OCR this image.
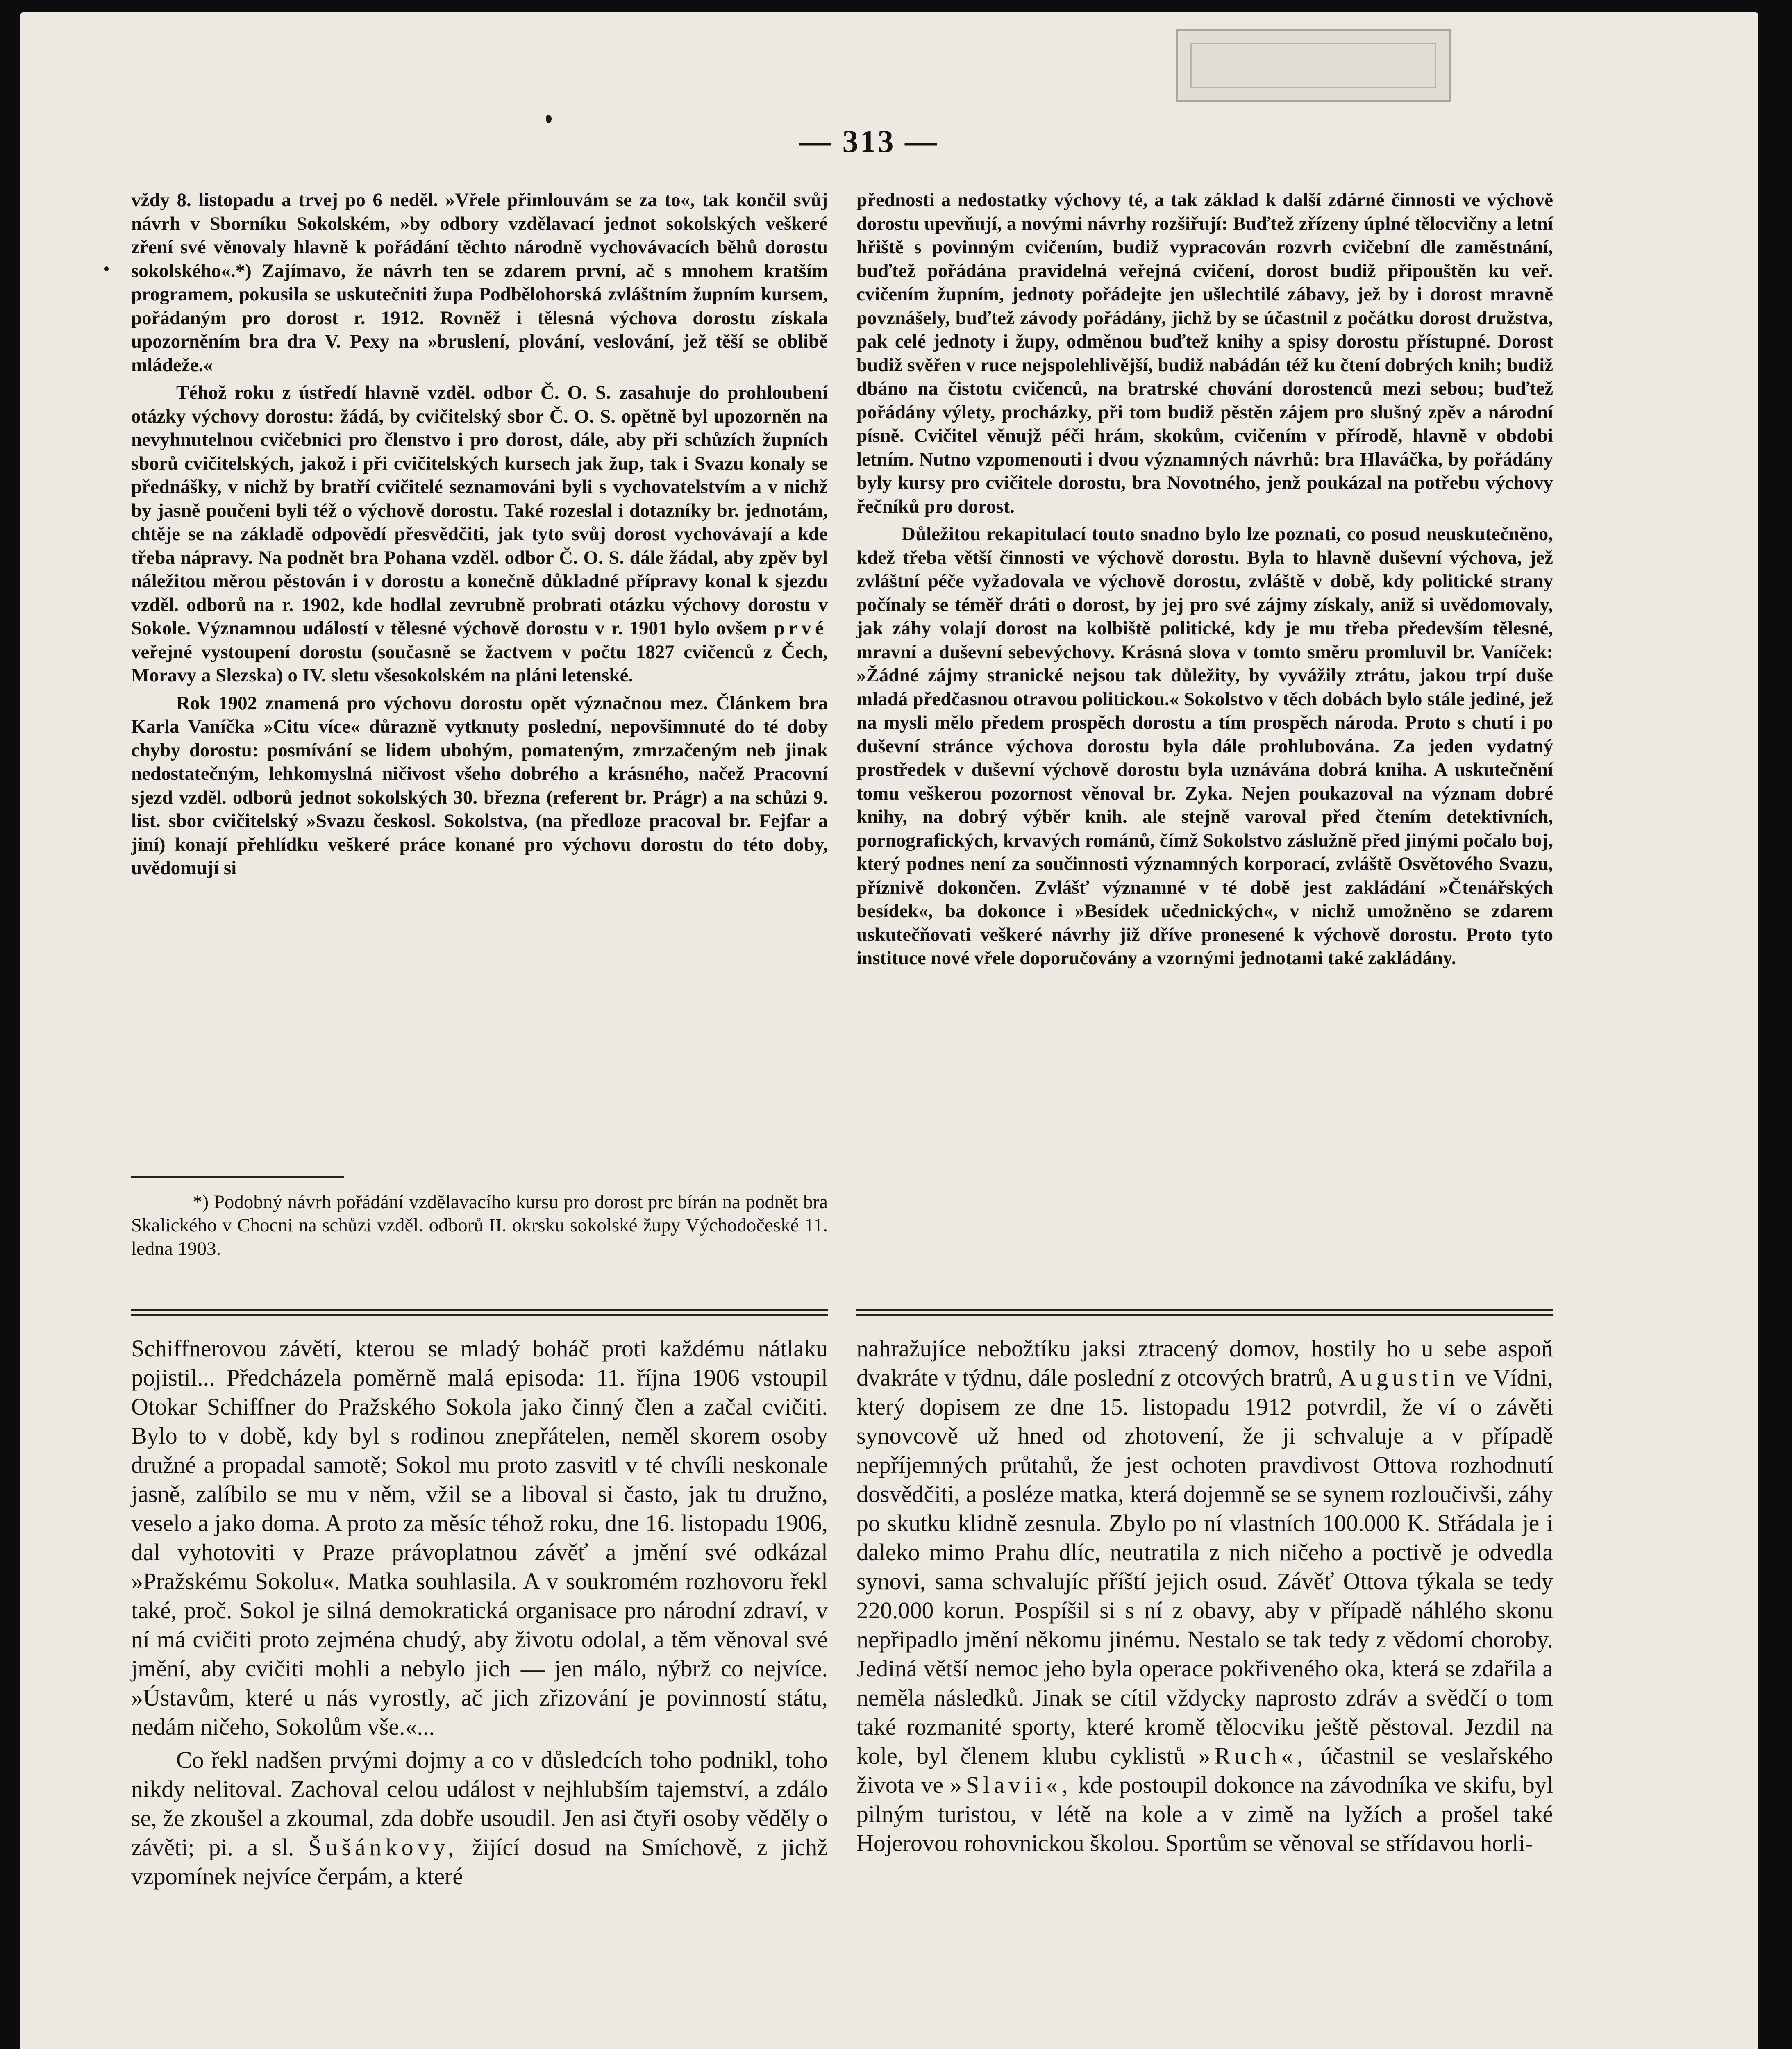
— 313 —

vždy 8. listopadu a trvej po 6 neděl. »Vřele přimlouvám se za to«, tak končil svůj návrh v Sborníku Sokolském, »by odbory vzdělavací jednot sokolských veškeré zření své věnovaly hlavně k pořádání těchto národně vychovávacích běhů dorostu sokolského«.*) Zajímavo, že návrh ten se zdarem první, ač s mnohem kratším programem, pokusila se uskutečniti župa Podbělohorská zvláštním župním kursem, pořádaným pro dorost r. 1912. Rovněž i tělesná výchova dorostu získala upozorněním bra dra V. Pexy na »bruslení, plování, veslování, jež těší se oblibě mládeže.«

Téhož roku z ústředí hlavně vzděl. odbor Č. O. S. zasahuje do prohloubení otázky výchovy dorostu: žádá, by cvičitelský sbor Č. O. S. opětně byl upozorněn na nevyhnutelnou cvičebnici pro členstvo i pro dorost, dále, aby při schůzích župních sborů cvičitelských, jakož i při cvičitelských kursech jak žup, tak i Svazu konaly se přednášky, v nichž by bratří cvičitelé seznamováni byli s vychovatelstvím a v nichž by jasně poučeni byli též o výchově dorostu. Také rozeslal i dotazníky br. jednotám, chtěje se na základě odpovědí přesvědčiti, jak tyto svůj dorost vychovávají a kde třeba nápravy. Na podnět bra Pohana vzděl. odbor Č. O. S. dále žádal, aby zpěv byl náležitou měrou pěstován i v dorostu a konečně důkladné přípravy konal k sjezdu vzděl. odborů na r. 1902, kde hodlal zevrubně probrati otázku výchovy dorostu v Sokole. Významnou událostí v tělesné výchově dorostu v r. 1901 bylo ovšem prvé veřejné vystoupení dorostu (současně se žactvem v počtu 1827 cvičenců z Čech, Moravy a Slezska) o IV. sletu všesokolském na pláni letenské.

Rok 1902 znamená pro výchovu dorostu opět význačnou mez. Článkem bra Karla Vaníčka »Citu více« důrazně vytknuty poslední, nepovšimnuté do té doby chyby dorostu: posmívání se lidem ubohým, pomateným, zmrzačeným neb jinak nedostatečným, lehkomyslná ničivost všeho dobrého a krásného, načež Pracovní sjezd vzděl. odborů jednot sokolských 30. března (referent br. Prágr) a na schůzi 9. list. sbor cvičitelský »Svazu českosl. Sokolstva, (na předloze pracoval br. Fejfar a jiní) konají přehlídku veškeré práce konané pro výchovu dorostu do této doby, uvědomují si

*) Podobný návrh pořádání vzdělavacího kursu pro dorost prc bírán na podnět bra Skalického v Chocni na schůzi vzděl. odborů II. okrsku sokolské župy Východočeské 11. ledna 1903.

přednosti a nedostatky výchovy té, a tak základ k další zdárné činnosti ve výchově dorostu upevňují, a novými návrhy rozšiřují: Buďtež zřízeny úplné tělocvičny a letní hřiště s povinným cvičením, budiž vypracován rozvrh cvičební dle zaměstnání, buďtež pořádána pravidelná veřejná cvičení, dorost budiž připouštěn ku veř. cvičením župním, jednoty pořádejte jen ušlechtilé zábavy, jež by i dorost mravně povznášely, buďtež závody pořádány, jichž by se účastnil z počátku dorost družstva, pak celé jednoty i župy, odměnou buďtež knihy a spisy dorostu přístupné. Dorost budiž svěřen v ruce nejspolehlivější, budiž nabádán též ku čtení dobrých knih; budiž dbáno na čistotu cvičenců, na bratrské chování dorostenců mezi sebou; buďtež pořádány výlety, procházky, při tom budiž pěstěn zájem pro slušný zpěv a národní písně. Cvičitel věnujž péči hrám, skokům, cvičením v přírodě, hlavně v obdobi letním. Nutno vzpomenouti i dvou významných návrhů: bra Hlaváčka, by pořádány byly kursy pro cvičitele dorostu, bra Novotného, jenž poukázal na potřebu výchovy řečníků pro dorost.

Důležitou rekapitulací touto snadno bylo lze poznati, co posud neuskutečněno, kdež třeba větší činnosti ve výchově dorostu. Byla to hlavně duševní výchova, jež zvláštní péče vyžadovala ve výchově dorostu, zvláště v době, kdy politické strany počínaly se téměř dráti o dorost, by jej pro své zájmy získaly, aniž si uvědomovaly, jak záhy volají dorost na kolbiště politické, kdy je mu třeba především tělesné, mravní a duševní sebevýchovy. Krásná slova v tomto směru promluvil br. Vaníček: »Žádné zájmy stranické nejsou tak důležity, by vyvážily ztrátu, jakou trpí duše mladá předčasnou otravou politickou.« Sokolstvo v těch dobách bylo stále jediné, jež na mysli mělo předem prospěch dorostu a tím prospěch národa. Proto s chutí i po duševní stránce výchova dorostu byla dále prohlubována. Za jeden vydatný prostředek v duševní výchově dorostu byla uznávána dobrá kniha. A uskutečnění tomu veškerou pozornost věnoval br. Zyka. Nejen poukazoval na význam dobré knihy, na dobrý výběr knih. ale stejně varoval před čtením detektivních, pornografických, krvavých románů, čímž Sokolstvo záslužně před jinými počalo boj, který podnes není za součinnosti významných korporací, zvláště Osvětového Svazu, příznivě dokončen. Zvlášť významné v té době jest zakládání »Čtenářských besídek«, ba dokonce i »Besídek učednických«, v nichž umožněno se zdarem uskutečňovati veškeré návrhy již dříve pronesené k výchově dorostu. Proto tyto instituce nové vřele doporučovány a vzornými jednotami také zakládány.

Schiffnerovou závětí, kterou se mladý boháč proti každému nátlaku pojistil... Předcházela poměrně malá episoda: 11. října 1906 vstoupil Otokar Schiffner do Pražského Sokola jako činný člen a začal cvičiti. Bylo to v době, kdy byl s rodinou znepřátelen, neměl skorem osoby družné a propadal samotě; Sokol mu proto zasvitl v té chvíli neskonale jasně, zalíbilo se mu v něm, vžil se a liboval si často, jak tu družno, veselo a jako doma. A proto za měsíc téhož roku, dne 16. listopadu 1906, dal vyhotoviti v Praze právoplatnou závěť a jmění své odkázal »Pražskému Sokolu«. Matka souhlasila. A v soukromém rozhovoru řekl také, proč. Sokol je silná demokratická organisace pro národní zdraví, v ní má cvičiti proto zejména chudý, aby životu odolal, a těm věnoval své jmění, aby cvičiti mohli a nebylo jich — jen málo, nýbrž co nejvíce. »Ústavům, které u nás vyrostly, ač jich zřizování je povinností státu, nedám ničeho, Sokolům vše.«...

Co řekl nadšen prvými dojmy a co v důsledcích toho podnikl, toho nikdy nelitoval. Zachoval celou událost v nejhlubším tajemství, a zdálo se, že zkoušel a zkoumal, zda dobře usoudil. Jen asi čtyři osoby věděly o závěti; pi. a sl. Šušánkovy, žijící dosud na Smíchově, z jichž vzpomínek nejvíce čerpám, a které

nahražujíce nebožtíku jaksi ztracený domov, hostily ho u sebe aspoň dvakráte v týdnu, dále poslední z otcových bratrů, Augustin ve Vídni, který dopisem ze dne 15. listopadu 1912 potvrdil, že ví o závěti synovcově už hned od zhotovení, že ji schvaluje a v případě nepříjemných průtahů, že jest ochoten pravdivost Ottova rozhodnutí dosvědčiti, a posléze matka, která dojemně se se synem rozloučivši, záhy po skutku klidně zesnula. Zbylo po ní vlastních 100.000 K. Střádala je i daleko mimo Prahu dlíc, neutratila z nich ničeho a poctivě je odvedla synovi, sama schvalujíc příští jejich osud. Závěť Ottova týkala se tedy 220.000 korun. Pospíšil si s ní z obavy, aby v případě náhlého skonu nepřipadlo jmění někomu jinému. Nestalo se tak tedy z vědomí choroby. Jediná větší nemoc jeho byla operace pokřiveného oka, která se zdařila a neměla následků. Jinak se cítil vždycky naprosto zdráv a svědčí o tom také rozmanité sporty, které kromě tělocviku ještě pěstoval. Jezdil na kole, byl členem klubu cyklistů »Ruch«, účastnil se veslařského života ve »Slavii«, kde postoupil dokonce na závodníka ve skifu, byl pilným turistou, v létě na kole a v zimě na lyžích a prošel také Hojerovou rohovnickou školou. Sportům se věnoval se střídavou horli-
